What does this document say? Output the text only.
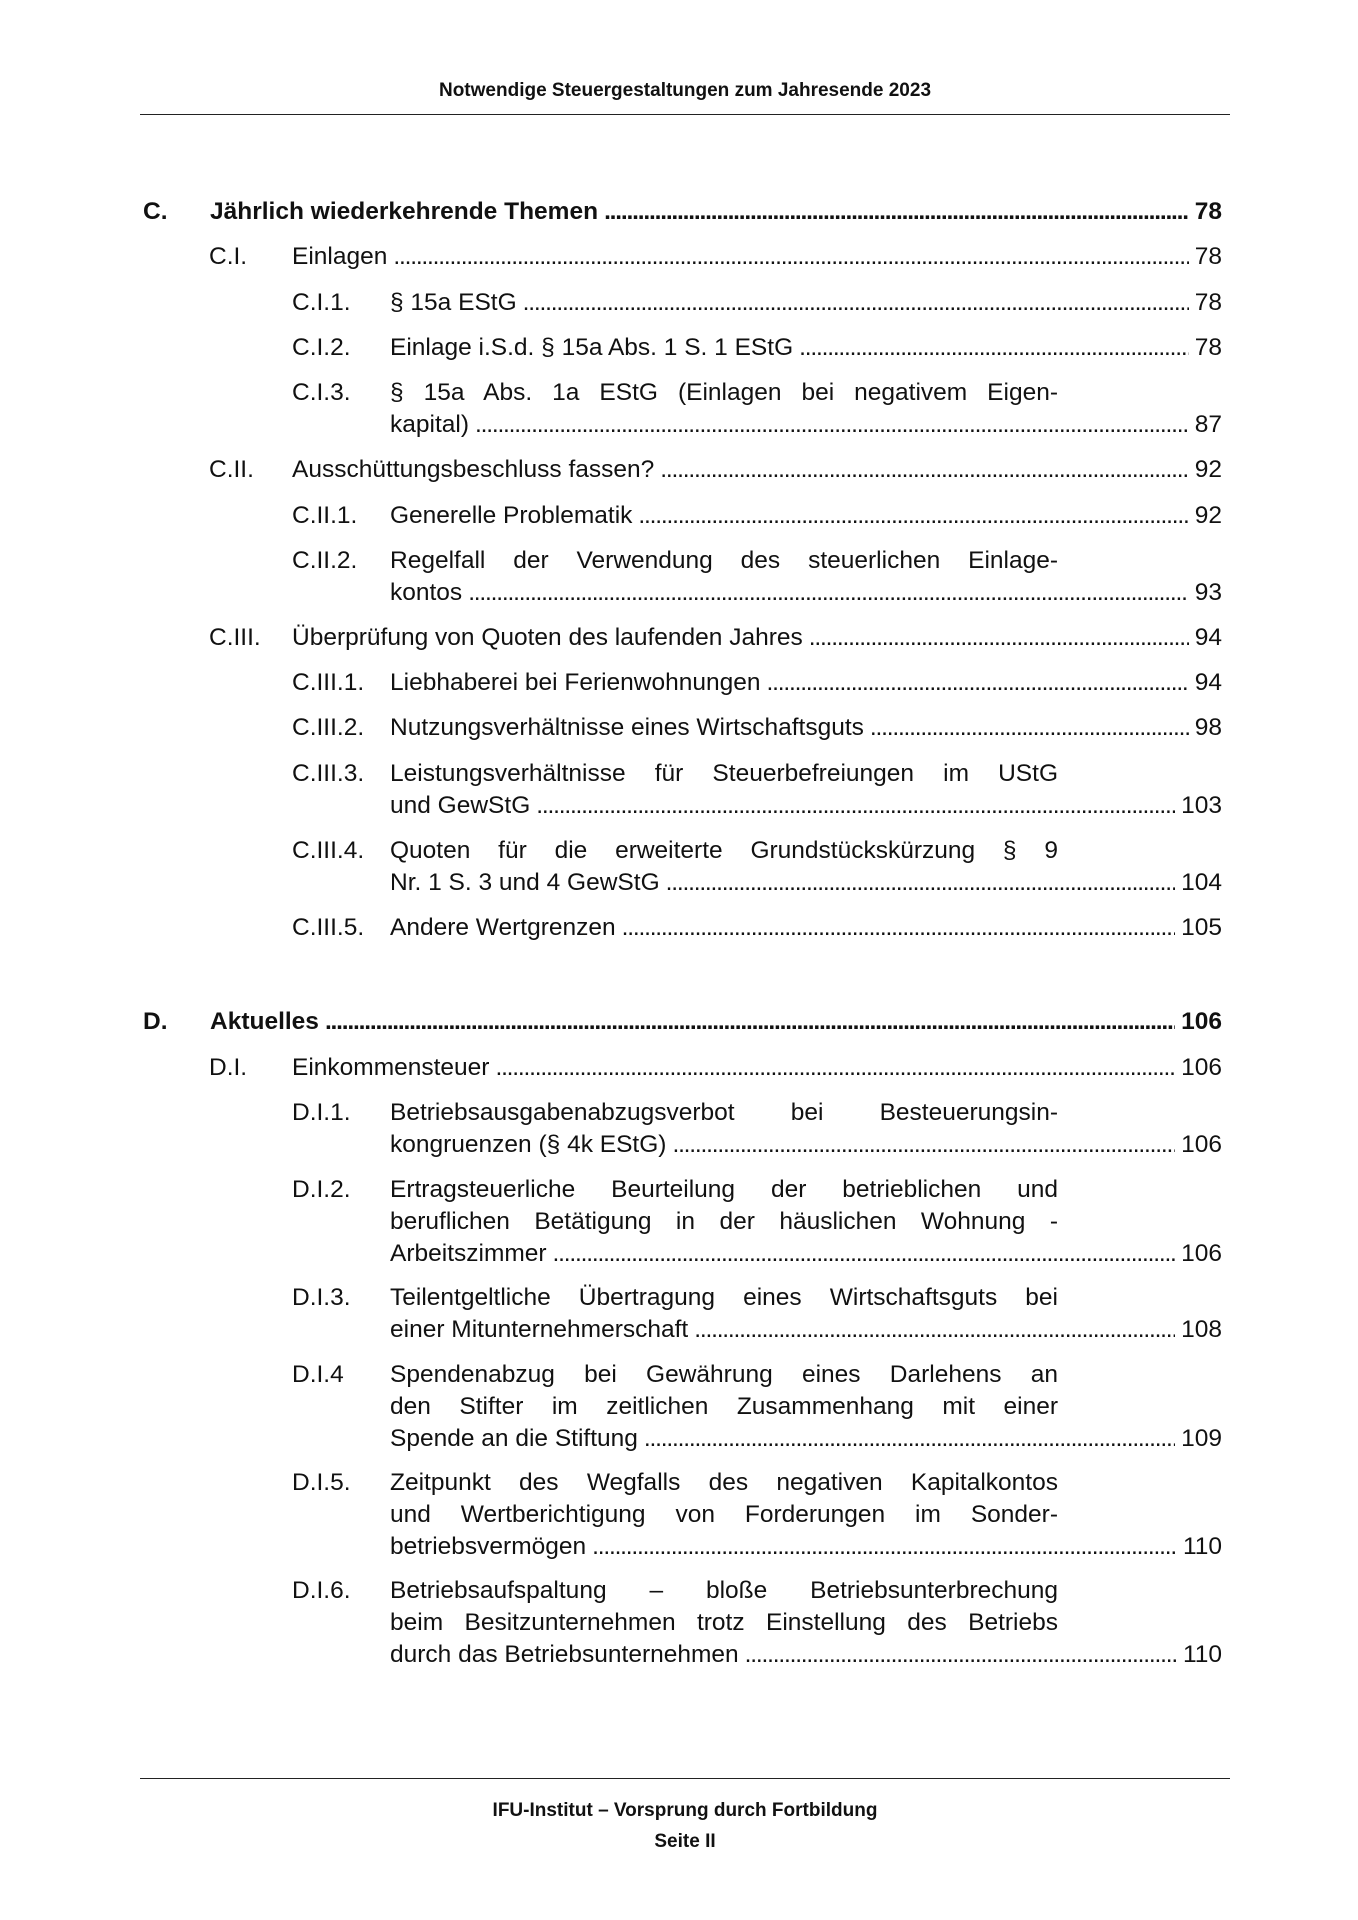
Notwendige Steuergestaltungen zum Jahresende 2023
C. Jährlich wiederkehrende Themen . . .	78
C.I. Einlagen . . .	78
C.I.1. § 15a EStG . . .	78
C.I.2. Einlage i.S.d. § 15a Abs. 1 S. 1 EStG . . .	78
C.I.3. § 15a Abs. 1a EStG (Einlagen bei negativem Eigen-
kapital) . . .	87
C.II. Ausschüttungsbeschluss fassen? . . .	92
C.II.1. Generelle Problematik . . .	92
C.II.2. Regelfall der Verwendung des steuerlichen Einlage-
kontos . . .	93
C.III. Überprüfung von Quoten des laufenden Jahres . . .	94
C.III.1. Liebhaberei bei Ferienwohnungen . . .	94
C.III.2. Nutzungsverhältnisse eines Wirtschaftsguts . . .	98
C.III.3. Leistungsverhältnisse für Steuerbefreiungen im UStG
und GewStG . . .	103
C.III.4. Quoten für die erweiterte Grundstückskürzung § 9
Nr. 1 S. 3 und 4 GewStG . . .	104
C.III.5. Andere Wertgrenzen . . .	105
D. Aktuelles . . .	106
D.I. Einkommensteuer . . .	106
D.I.1. Betriebsausgabenabzugsverbot bei Besteuerungsin-
kongruenzen (§ 4k EStG) . . .	106
D.I.2. Ertragsteuerliche Beurteilung der betrieblichen und
beruflichen Betätigung in der häuslichen Wohnung -
Arbeitszimmer . . .	106
D.I.3. Teilentgeltliche Übertragung eines Wirtschaftsguts bei
einer Mitunternehmerschaft . . .	108
D.I.4 Spendenabzug bei Gewährung eines Darlehens an
den Stifter im zeitlichen Zusammenhang mit einer
Spende an die Stiftung . . .	109
D.I.5. Zeitpunkt des Wegfalls des negativen Kapitalkontos
und Wertberichtigung von Forderungen im Sonder-
betriebsvermögen . . .	110
D.I.6. Betriebsaufspaltung – bloße Betriebsunterbrechung
beim Besitzunternehmen trotz Einstellung des Betriebs
durch das Betriebsunternehmen . . .	110
IFU-Institut – Vorsprung durch Fortbildung
Seite II
